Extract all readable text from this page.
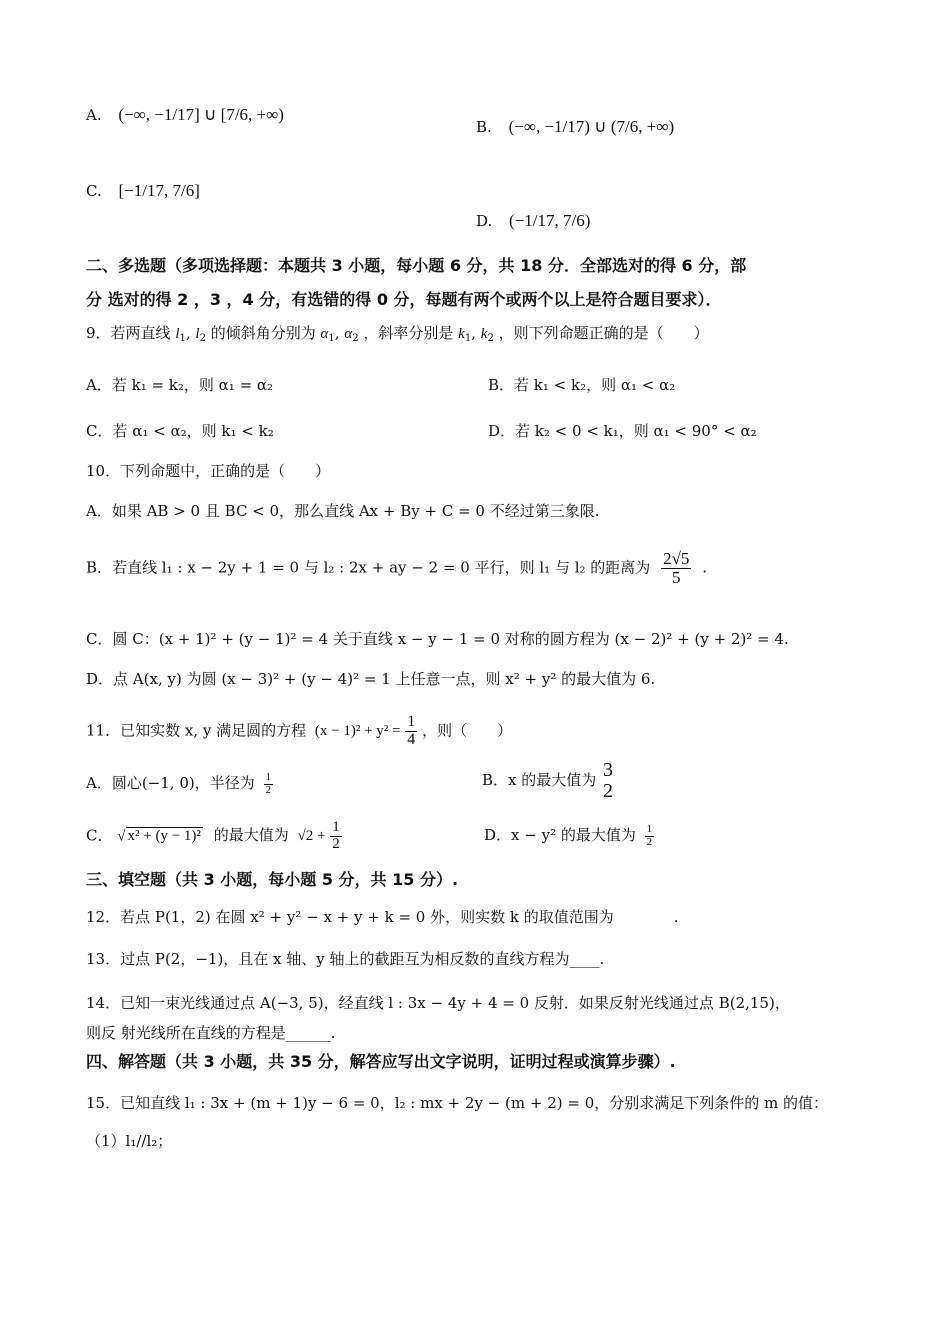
A. (−∞, −1/17] ∪ [7/6, +∞)
B. (−∞, −1/17) ∪ (7/6, +∞)
C. [−1/17, 7/6]
D. (−1/17, 7/6)
二、多选题（多项选择题：本题共 3 小题，每小题 6 分，共 18 分．全部选对的得 6 分，部
分 选对的得 2 ，3 ，4 分，有选错的得 0 分，每题有两个或两个以上是符合题目要求）．
9．若两直线 $l_1$, $l_2$ 的倾斜角分别为 $\alpha_1$, $\alpha_2$ ，斜率分别是 $k_1$, $k_2$ ，则下列命题正确的是（　　）
A．若 k₁ = k₂，则 α₁ = α₂	B．若 k₁ < k₂，则 α₁ < α₂
C．若 α₁ < α₂，则 k₁ < k₂	D．若 k₂ < 0 < k₁，则 α₁ < 90° < α₂
10．下列命题中，正确的是（　　）
A．如果 AB > 0 且 BC < 0，那么直线 Ax + By + C = 0 不经过第三象限.
B．若直线 l₁ : x − 2y + 1 = 0 与 l₂ : 2x + ay − 2 = 0 平行，则 l₁ 与 l₂ 的距离为 $\frac{2√5}{5}$ .
C．圆 C：(x + 1)² + (y − 1)² = 4 关于直线 x − y − 1 = 0 对称的圆方程为 (x − 2)² + (y + 2)² = 4.
D．点 A(x, y) 为圆 (x − 3)² + (y − 4)² = 1 上任意一点，则 x² + y² 的最大值为 6.
11．已知实数 x, y 满足圆的方程 $(x - 1)^2 + y^2 = \frac{1}{4}$ ，则（　　）
A．圆心(−1, 0)，半径为 $\frac{1}{2}$	B．x 的最大值为 3
2
C． √ x² + (y − 1)² 的最大值为 $√2 + \frac{1}{2}$	D．x − y² 的最大值为 $\frac{1}{2}$
三、填空题（共 3 小题，每小题 5 分，共 15 分）.
12．若点 P(1，2) 在圆 x² + y² − x + y + k = 0 外，则实数 k 的取值范围为　　　　.
13．过点 P(2，−1)，且在 x 轴、y 轴上的截距互为相反数的直线方程为____.
14．已知一束光线通过点 A(−3, 5)，经直线 l : 3x − 4y + 4 = 0 反射．如果反射光线通过点 B(2,15)，
则反 射光线所在直线的方程是______.
四、解答题（共 3 小题，共 35 分，解答应写出文字说明，证明过程或演算步骤）.
15．已知直线 l₁ : 3x + (m + 1)y − 6 = 0，l₂ : mx + 2y − (m + 2) = 0，分别求满足下列条件的 m 的值：
（1）l₁//l₂；
